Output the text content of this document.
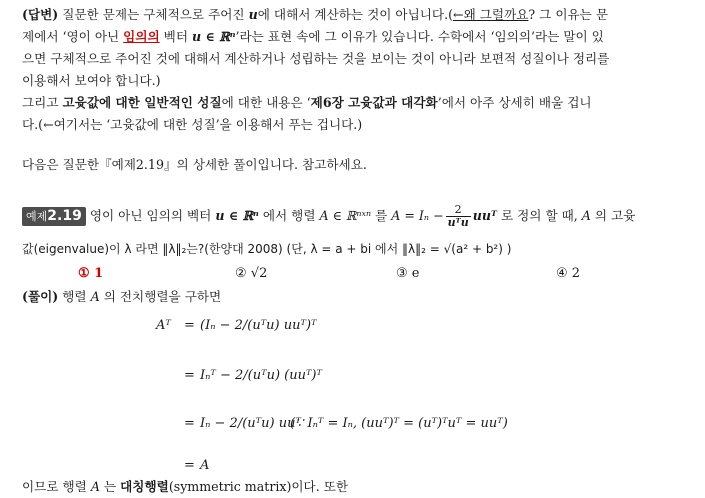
(답변) 질문한 문제는 구체적으로 주어진 u에 대해서 계산하는 것이 아닙니다.(←왜 그럴까요? 그 이유는 문
제에서 ‘영이 아닌 임의의 벡터 u ∈ ℝⁿ’라는 표현 속에 그 이유가 있습니다. 수학에서 ‘임의의’라는 말이 있
으면 구체적으로 주어진 것에 대해서 계산하거나 성립하는 것을 보이는 것이 아니라 보편적 성질이나 정리를
이용해서 보여야 합니다.)
그리고 고윳값에 대한 일반적인 성질에 대한 내용은 ‘제6장 고윳값과 대각화’에서 아주 상세히 배울 겁니
다.(←여기서는 ‘고윳값에 대한 성질’을 이용해서 푸는 겁니다.)
다음은 질문한『예제2.19』의 상세한 풀이입니다. 참고하세요.
예제2.19 영이 아닌 임의의 벡터 u ∈ ℝⁿ 에서 행렬 A ∈ ℝⁿˣⁿ 를 $A = I_n - \frac{2}{\text{uᵀu}}$ uuᵀ 로 정의 할 때, A 의 고윳
값(eigenvalue)이 λ 라면 ‖λ‖₂는?(한양대 2008) (단, λ = a + bi 에서 ‖λ‖₂ = √(a² + b²) )
① 1	② √2	③ e	④ 2
(풀이) 행렬 A 의 전치행렬을 구하면
Aᵀ = (Iₙ − 2/(uᵀu) uuᵀ)ᵀ
= Iₙᵀ − 2/(uᵀu) (uuᵀ)ᵀ
= Iₙ − 2/(uᵀu) uuᵀ
(∵ Iₙᵀ = Iₙ, (uuᵀ)ᵀ = (uᵀ)ᵀuᵀ = uuᵀ)
= A
이므로 행렬 A 는 대칭행렬(symmetric matrix)이다. 또한
